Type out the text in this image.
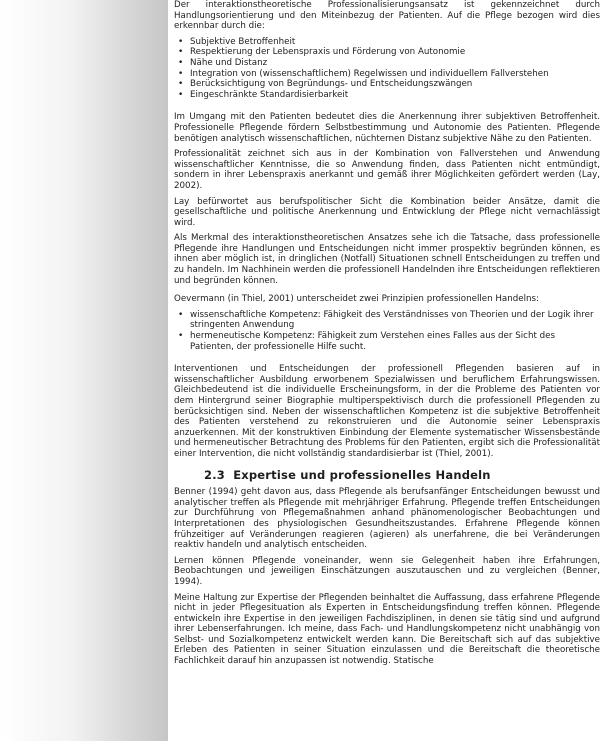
Der interaktionstheoretische Professionalisierungsansatz ist gekennzeichnet durch Handlungsorientierung und den Miteinbezug der Patienten. Auf die Pflege bezogen wird dies erkennbar durch die:

• Subjektive Betroffenheit
• Respektierung der Lebenspraxis und Förderung von Autonomie
• Nähe und Distanz
• Integration von (wissenschaftlichem) Regelwissen und individuellem Fallverstehen
• Berücksichtigung von Begründungs- und Entscheidungszwängen
• Eingeschränkte Standardisierbarkeit

Im Umgang mit den Patienten bedeutet dies die Anerkennung ihrer subjektiven Betroffenheit. Professionelle Pflegende fördern Selbstbestimmung und Autonomie des Patienten. Pflegende benötigen analytisch wissenschaftlichen, nüchternen Distanz subjektive Nähe zu den Patienten.

Professionalität zeichnet sich aus in der Kombination von Fallverstehen und Anwendung wissenschaftlicher Kenntnisse, die so Anwendung finden, dass Patienten nicht entmündigt, sondern in ihrer Lebenspraxis anerkannt und gemäß ihrer Möglichkeiten gefördert werden (Lay, 2002).

Lay befürwortet aus berufspolitischer Sicht die Kombination beider Ansätze, damit die gesellschaftliche und politische Anerkennung und Entwicklung der Pflege nicht vernachlässigt wird.

Als Merkmal des interaktionstheoretischen Ansatzes sehe ich die Tatsache, dass professionelle Pflegende ihre Handlungen und Entscheidungen nicht immer prospektiv begründen können, es ihnen aber möglich ist, in dringlichen (Notfall) Situationen schnell Entscheidungen zu treffen und zu handeln. Im Nachhinein werden die professionell Handelnden ihre Entscheidungen reflektieren und begründen können.

Oevermann (in Thiel, 2001) unterscheidet zwei Prinzipien professionellen Handelns:

• wissenschaftliche Kompetenz: Fähigkeit des Verständnisses von Theorien und der Logik ihrer stringenten Anwendung
• hermeneutische Kompetenz: Fähigkeit zum Verstehen eines Falles aus der Sicht des Patienten, der professionelle Hilfe sucht.

Interventionen und Entscheidungen der professionell Pflegenden basieren auf in wissenschaftlicher Ausbildung erworbenem Spezialwissen und beruflichem Erfahrungswissen. Gleichbedeutend ist die individuelle Erscheinungsform, in der die Probleme des Patienten vor dem Hintergrund seiner Biographie multiperspektivisch durch die professionell Pflegenden zu berücksichtigen sind. Neben der wissenschaftlichen Kompetenz ist die subjektive Betroffenheit des Patienten verstehend zu rekonstruieren und die Autonomie seiner Lebenspraxis anzuerkennen. Mit der konstruktiven Einbindung der Elemente systematischer Wissensbestände und hermeneutischer Betrachtung des Problems für den Patienten, ergibt sich die Professionalität einer Intervention, die nicht vollständig standardisierbar ist (Thiel, 2001).

2.3 Expertise und professionelles Handeln

Benner (1994) geht davon aus, dass Pflegende als berufsanfänger Entscheidungen bewusst und analytischer treffen als Pflegende mit mehrjähriger Erfahrung. Pflegende treffen Entscheidungen zur Durchführung von Pflegemaßnahmen anhand phänomenologischer Beobachtungen und Interpretationen des physiologischen Gesundheitszustandes. Erfahrene Pflegende können frühzeitiger auf Veränderungen reagieren (agieren) als unerfahrene, die bei Veränderungen reaktiv handeln und analytisch entscheiden.

Lernen können Pflegende voneinander, wenn sie Gelegenheit haben ihre Erfahrungen, Beobachtungen und jeweiligen Einschätzungen auszutauschen und zu vergleichen (Benner, 1994).

Meine Haltung zur Expertise der Pflegenden beinhaltet die Auffassung, dass erfahrene Pflegende nicht in jeder Pflegesituation als Experten in Entscheidungsfindung treffen können. Pflegende entwickeln ihre Expertise in den jeweiligen Fachdisziplinen, in denen sie tätig sind und aufgrund ihrer Lebenserfahrungen. Ich meine, dass Fach- und Handlungskompetenz nicht unabhängig von Selbst- und Sozialkompetenz entwickelt werden kann. Die Bereitschaft sich auf das subjektive Erleben des Patienten in seiner Situation einzulassen und die Bereitschaft die theoretische Fachlichkeit darauf hin anzupassen ist notwendig. Statische
